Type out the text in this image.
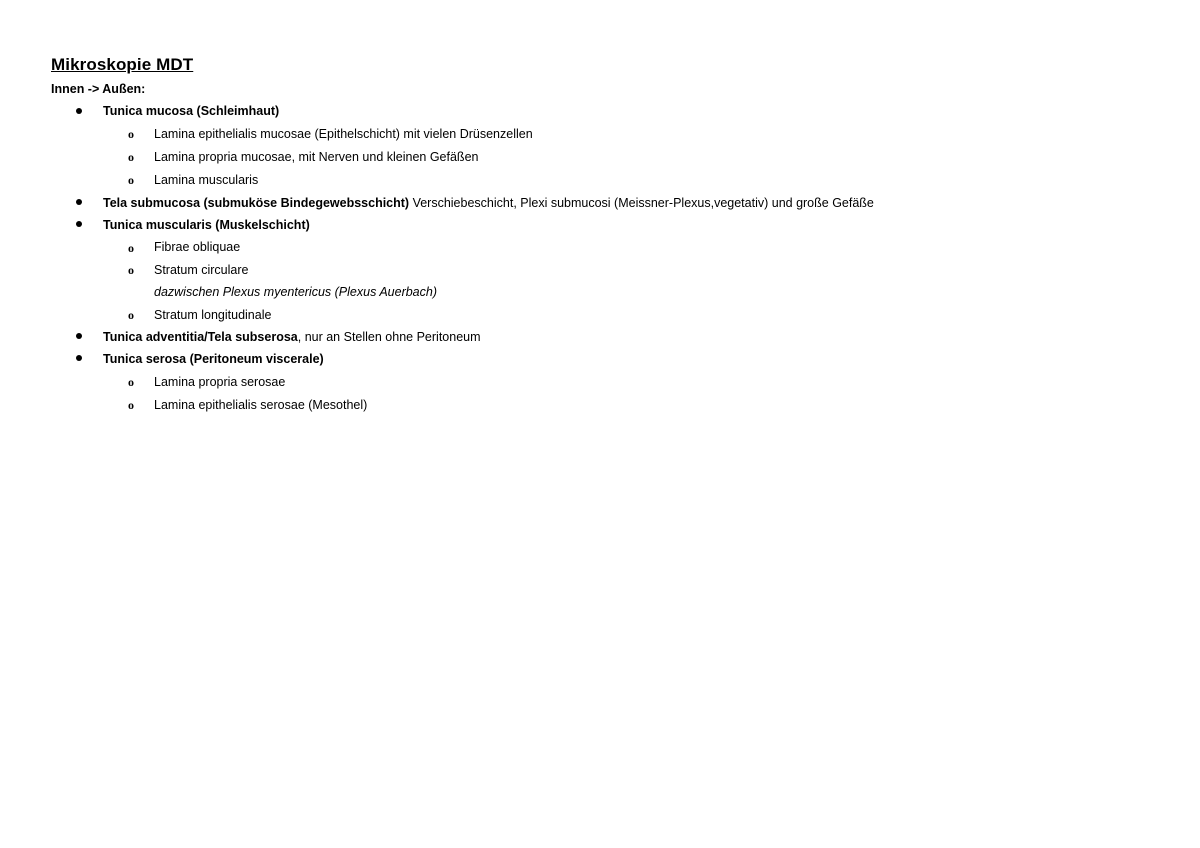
Mikroskopie MDT
Innen -> Außen:
Tunica mucosa (Schleimhaut)
o Lamina epithelialis mucosae (Epithelschicht) mit vielen Drüsenzellen
o Lamina propria mucosae, mit Nerven und kleinen Gefäßen
o Lamina muscularis
Tela submucosa (submuköse Bindegewebsschicht) Verschiebeschicht, Plexi submucosi (Meissner-Plexus,vegetativ) und große Gefäße
Tunica muscularis (Muskelschicht)
o Fibrae obliquae
o Stratum circulare
dazwischen Plexus myentericus (Plexus Auerbach)
o Stratum longitudinale
Tunica adventitia/Tela subserosa, nur an Stellen ohne Peritoneum
Tunica serosa (Peritoneum viscerale)
o Lamina propria serosae
o Lamina epithelialis serosae (Mesothel)
